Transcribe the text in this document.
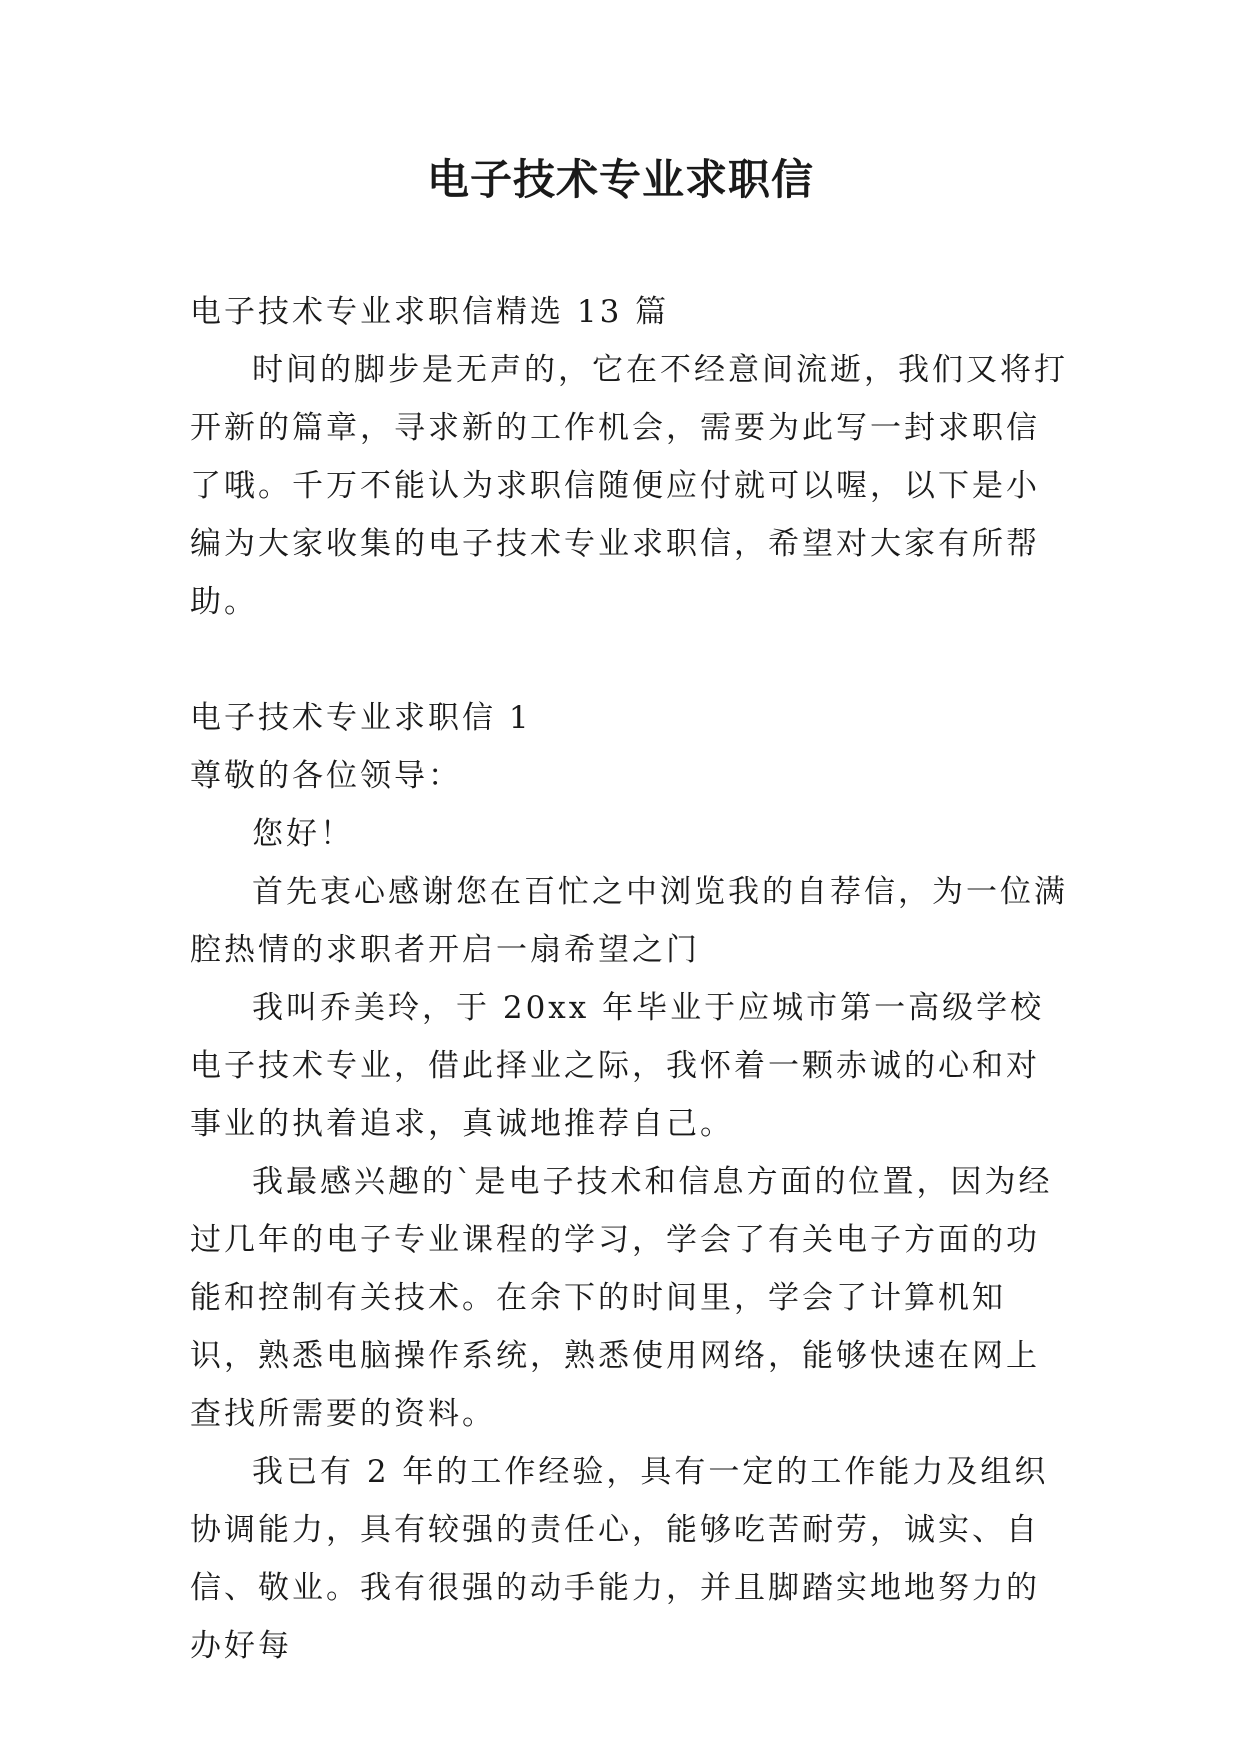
电子技术专业求职信

电子技术专业求职信精选 13 篇

时间的脚步是无声的，它在不经意间流逝，我们又将打开新的篇章，寻求新的工作机会，需要为此写一封求职信了哦。千万不能认为求职信随便应付就可以喔，以下是小编为大家收集的电子技术专业求职信，希望对大家有所帮助。

电子技术专业求职信 1

尊敬的各位领导：

您好！

首先衷心感谢您在百忙之中浏览我的自荐信，为一位满腔热情的求职者开启一扇希望之门

我叫乔美玲，于 20xx 年毕业于应城市第一高级学校电子技术专业，借此择业之际，我怀着一颗赤诚的心和对事业的执着追求，真诚地推荐自己。

我最感兴趣的`是电子技术和信息方面的位置，因为经过几年的电子专业课程的学习，学会了有关电子方面的功能和控制有关技术。在余下的时间里，学会了计算机知识，熟悉电脑操作系统，熟悉使用网络，能够快速在网上查找所需要的资料。

我已有 2 年的工作经验，具有一定的工作能力及组织协调能力，具有较强的责任心，能够吃苦耐劳，诚实、自信、敬业。我有很强的动手能力，并且脚踏实地地努力的办好每
